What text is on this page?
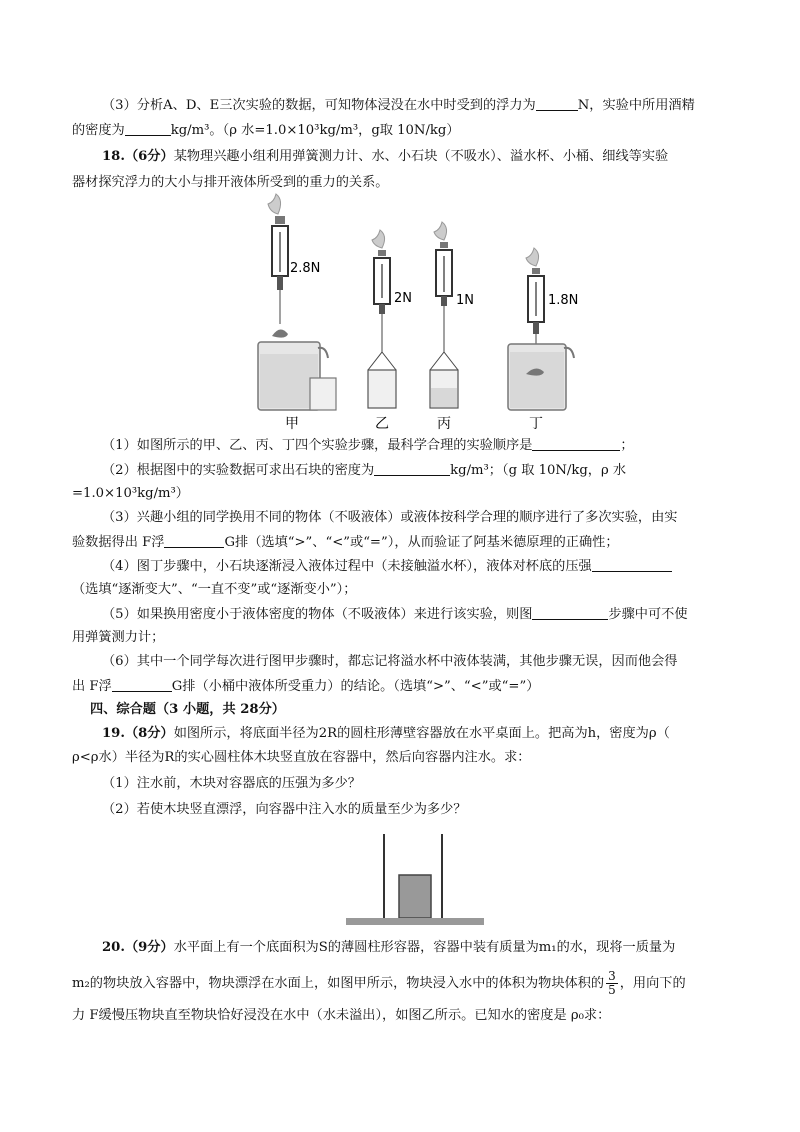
（3）分析A、D、E三次实验的数据，可知物体浸没在水中时受到的浮力为	N，实验中所用酒精
的密度为	kg/m³。（ρ 水=1.0×10³kg/m³，g取 10N/kg）
18.（6分）某物理兴趣小组利用弹簧测力计、水、小石块（不吸水）、溢水杯、小桶、细线等实验
器材探究浮力的大小与排开液体所受到的重力的关系。
2.8N
甲
2N
乙
1N
丙
1.8N
丁
（1）如图所示的甲、乙、丙、丁四个实验步骤，最科学合理的实验顺序是	；
（2）根据图中的实验数据可求出石块的密度为	kg/m³；（g 取 10N/kg，ρ 水
=1.0×10³kg/m³）
（3）兴趣小组的同学换用不同的物体（不吸液体）或液体按科学合理的顺序进行了多次实验，由实
验数据得出 F浮	G排（选填“>”、“<”或“=”），从而验证了阿基米德原理的正确性；
（4）图丁步骤中，小石块逐渐浸入液体过程中（未接触溢水杯），液体对杯底的压强
（选填“逐渐变大”、“一直不变”或“逐渐变小”）；
（5）如果换用密度小于液体密度的物体（不吸液体）来进行该实验，则图	步骤中可不使
用弹簧测力计；
（6）其中一个同学每次进行图甲步骤时，都忘记将溢水杯中液体装满，其他步骤无误，因而他会得
出 F浮	G排（小桶中液体所受重力）的结论。（选填“>”、“<”或“=”）
四、综合题（3 小题，共 28分）
19.（8分）如图所示，将底面半径为2R的圆柱形薄壁容器放在水平桌面上。把高为h，密度为ρ（
ρ<ρ水）半径为R的实心圆柱体木块竖直放在容器中，然后向容器内注水。求：
（1）注水前，木块对容器底的压强为多少？
（2）若使木块竖直漂浮，向容器中注入水的质量至少为多少？
20.（9分）水平面上有一个底面积为S的薄圆柱形容器，容器中装有质量为m₁的水，现将一质量为
m₂的物块放入容器中，物块漂浮在水面上，如图甲所示，物块浸入水中的体积为物块体积的 $\frac{3}{5}$ ，用向下的
力 F缓慢压物块直至物块恰好浸没在水中（水未溢出），如图乙所示。已知水的密度是 ρ₀求：
